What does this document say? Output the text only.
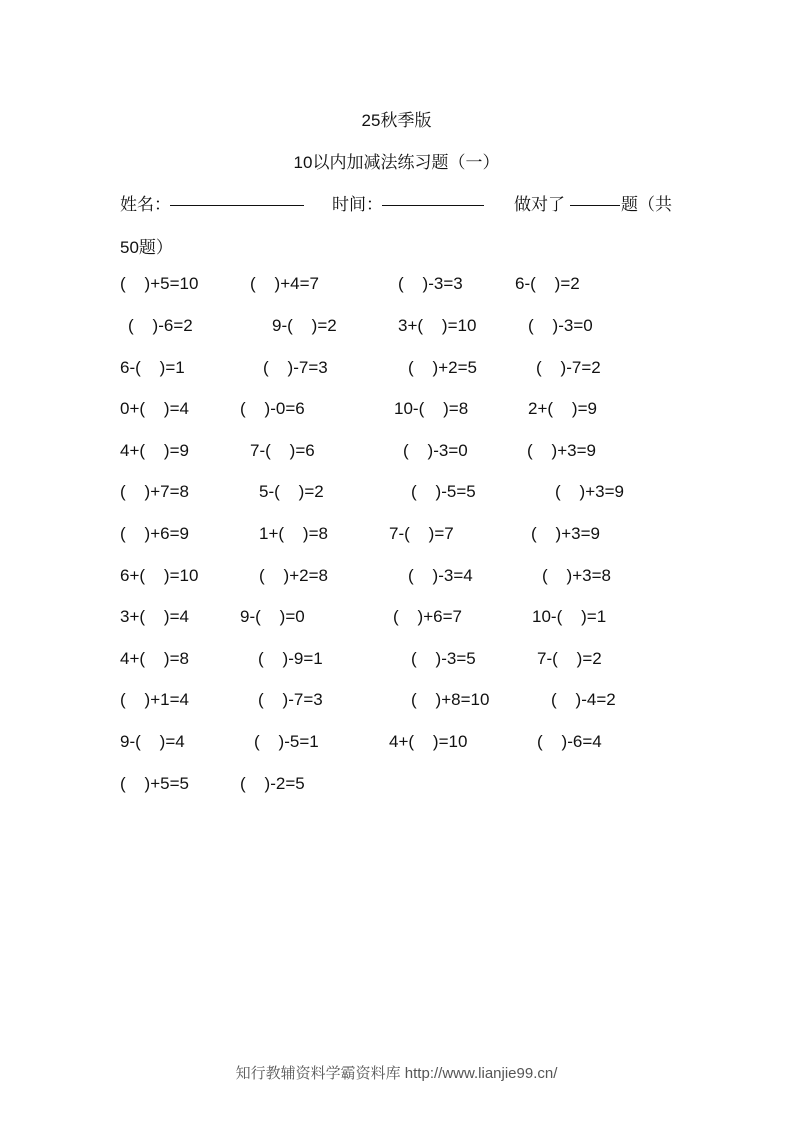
25秋季版
10以内加减法练习题（一）
姓名：	时间：	做对了	题（共
50题）
(    )+5=10	(    )+4=7	(    )-3=3	6-(    )=2
(    )-6=2	9-(    )=2	3+(    )=10	(    )-3=0
6-(    )=1	(    )-7=3	(    )+2=5	(    )-7=2
0+(    )=4	(    )-0=6	10-(    )=8	2+(    )=9
4+(    )=9	7-(    )=6	(    )-3=0	(    )+3=9
(    )+7=8	5-(    )=2	(    )-5=5	(    )+3=9
(    )+6=9	1+(    )=8	7-(    )=7	(    )+3=9
6+(    )=10	(    )+2=8	(    )-3=4	(    )+3=8
3+(    )=4	9-(    )=0	(    )+6=7	10-(    )=1
4+(    )=8	(    )-9=1	(    )-3=5	7-(    )=2
(    )+1=4	(    )-7=3	(    )+8=10	(    )-4=2
9-(    )=4	(    )-5=1	4+(    )=10	(    )-6=4
(    )+5=5	(    )-2=5
知行教辅资料学霸资料库 http://www.lianjie99.cn/
